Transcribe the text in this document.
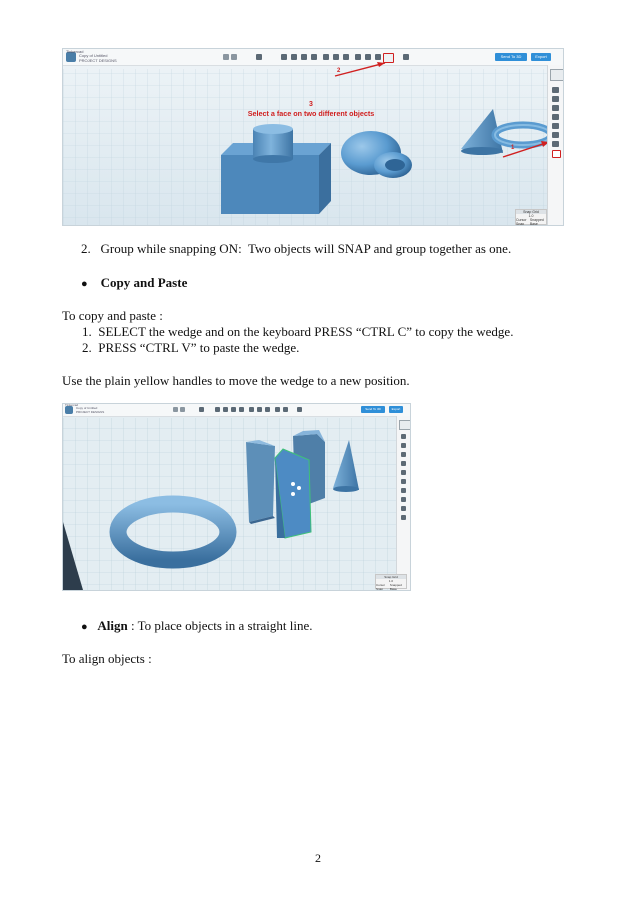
Tinkercad
Copy of Untitled
PROJECT DESIGNS
Send To 3D	Export
2
3
Select a face on two different objects
1
Snap Grid
1.0
Cursor Snap
Snapped Base
2.   Group while snapping ON:  Two objects will SNAP and group together as one.
● Copy and Paste
To copy and paste :
1.  SELECT the wedge and on the keyboard PRESS “CTRL C” to copy the wedge.
2.  PRESS “CTRL V” to paste the wedge.
Use the plain yellow handles to move the wedge to a new position.
Tinkercad
Copy of Untitled
PROJECT DESIGNS
Send To 3D	Export
Snap Grid
1.0
Cursor Snap
Snapped Base
● Align : To place objects in a straight line.
To align objects :
2
